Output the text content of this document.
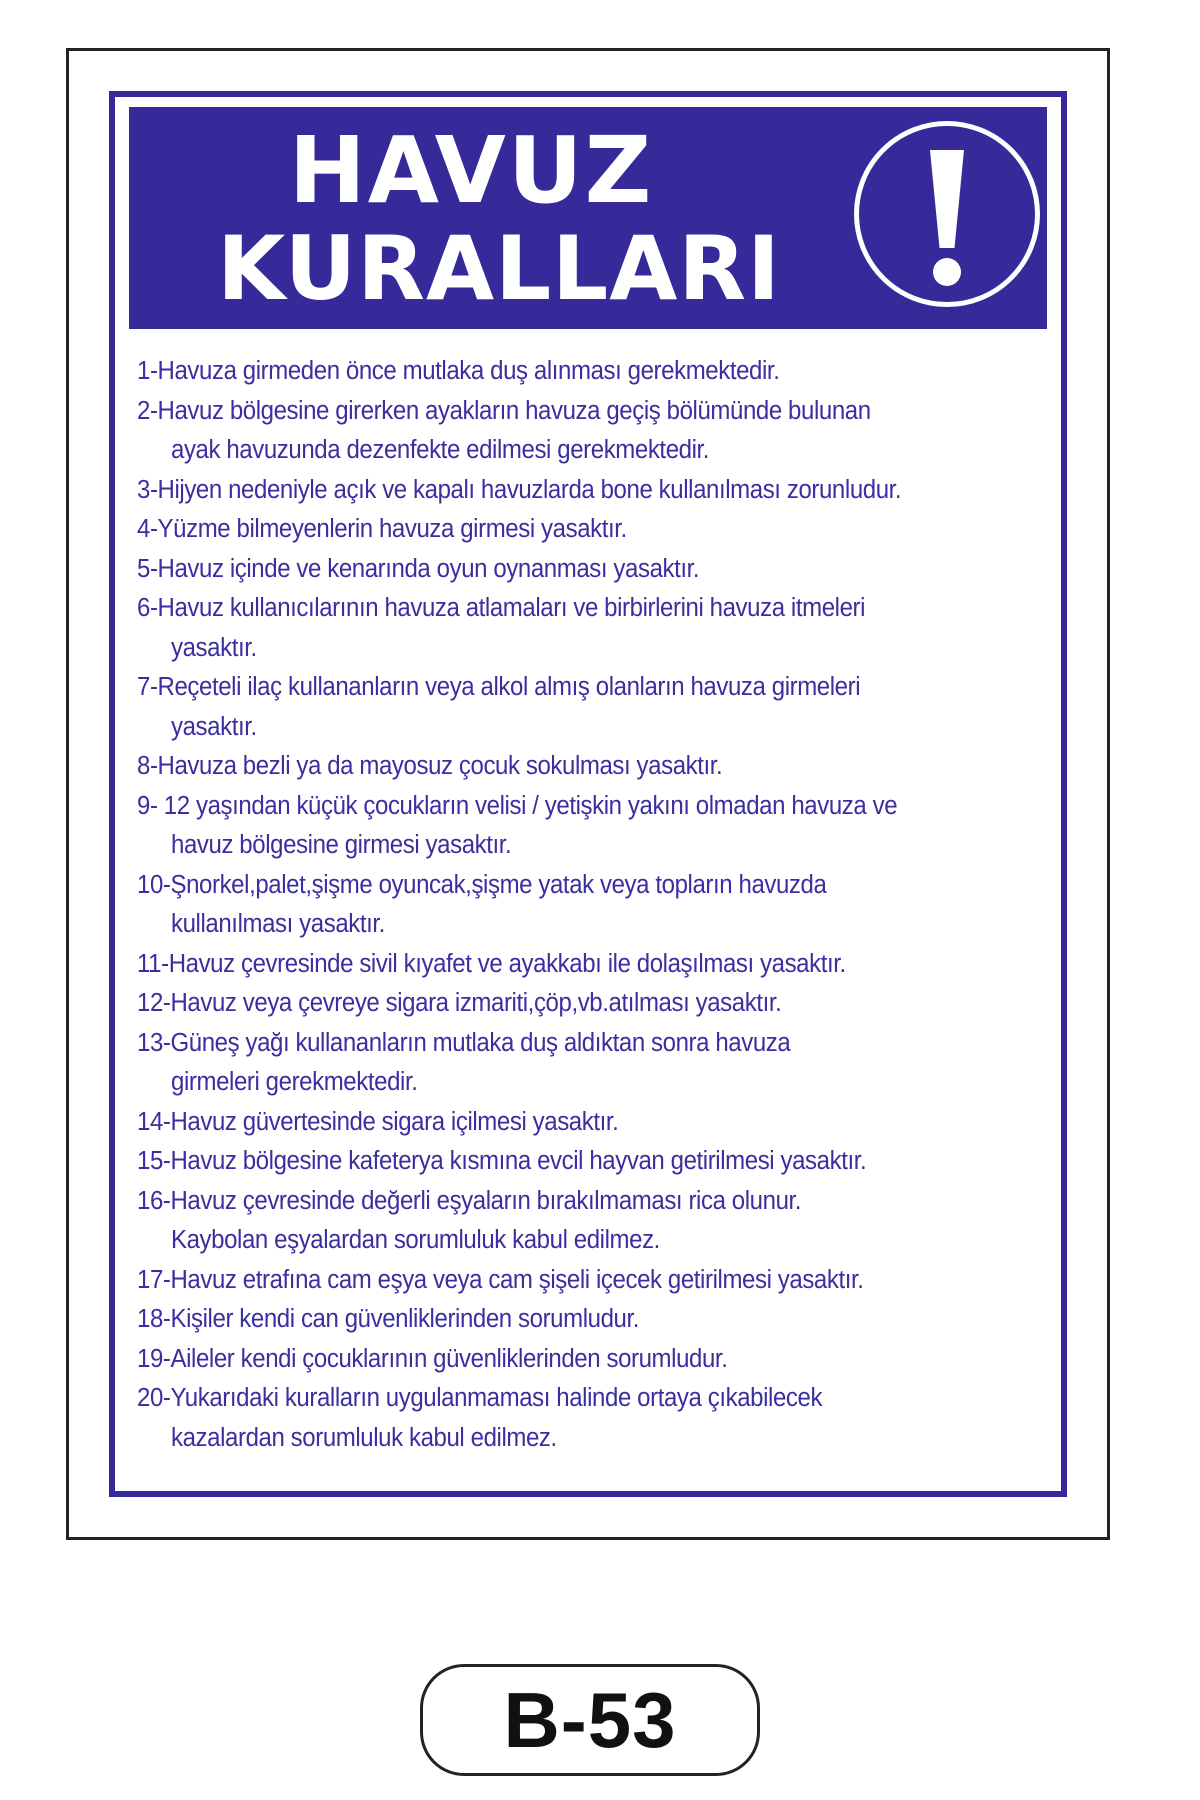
HAVUZ
KURALLARI
1-Havuza girmeden önce mutlaka duş alınması gerekmektedir.
2-Havuz bölgesine girerken ayakların havuza geçiş bölümünde bulunan
ayak havuzunda dezenfekte edilmesi gerekmektedir.
3-Hijyen nedeniyle açık ve kapalı havuzlarda bone kullanılması zorunludur.
4-Yüzme bilmeyenlerin havuza girmesi yasaktır.
5-Havuz içinde ve kenarında oyun oynanması yasaktır.
6-Havuz kullanıcılarının havuza atlamaları ve birbirlerini havuza itmeleri
yasaktır.
7-Reçeteli ilaç kullananların veya alkol almış olanların havuza girmeleri
yasaktır.
8-Havuza bezli ya da mayosuz çocuk sokulması yasaktır.
9- 12 yaşından küçük çocukların velisi / yetişkin yakını olmadan havuza ve
havuz bölgesine girmesi yasaktır.
10-Şnorkel,palet,şişme oyuncak,şişme yatak veya topların havuzda
kullanılması yasaktır.
11-Havuz çevresinde sivil kıyafet ve ayakkabı ile dolaşılması yasaktır.
12-Havuz veya çevreye sigara izmariti,çöp,vb.atılması yasaktır.
13-Güneş yağı kullananların mutlaka duş aldıktan sonra havuza
girmeleri gerekmektedir.
14-Havuz güvertesinde sigara içilmesi yasaktır.
15-Havuz bölgesine kafeterya kısmına evcil hayvan getirilmesi yasaktır.
16-Havuz çevresinde değerli eşyaların bırakılmaması rica olunur.
Kaybolan eşyalardan sorumluluk kabul edilmez.
17-Havuz etrafına cam eşya veya cam şişeli içecek getirilmesi yasaktır.
18-Kişiler kendi can güvenliklerinden sorumludur.
19-Aileler kendi çocuklarının güvenliklerinden sorumludur.
20-Yukarıdaki kuralların uygulanmaması halinde ortaya çıkabilecek
kazalardan sorumluluk kabul edilmez.
B-53
